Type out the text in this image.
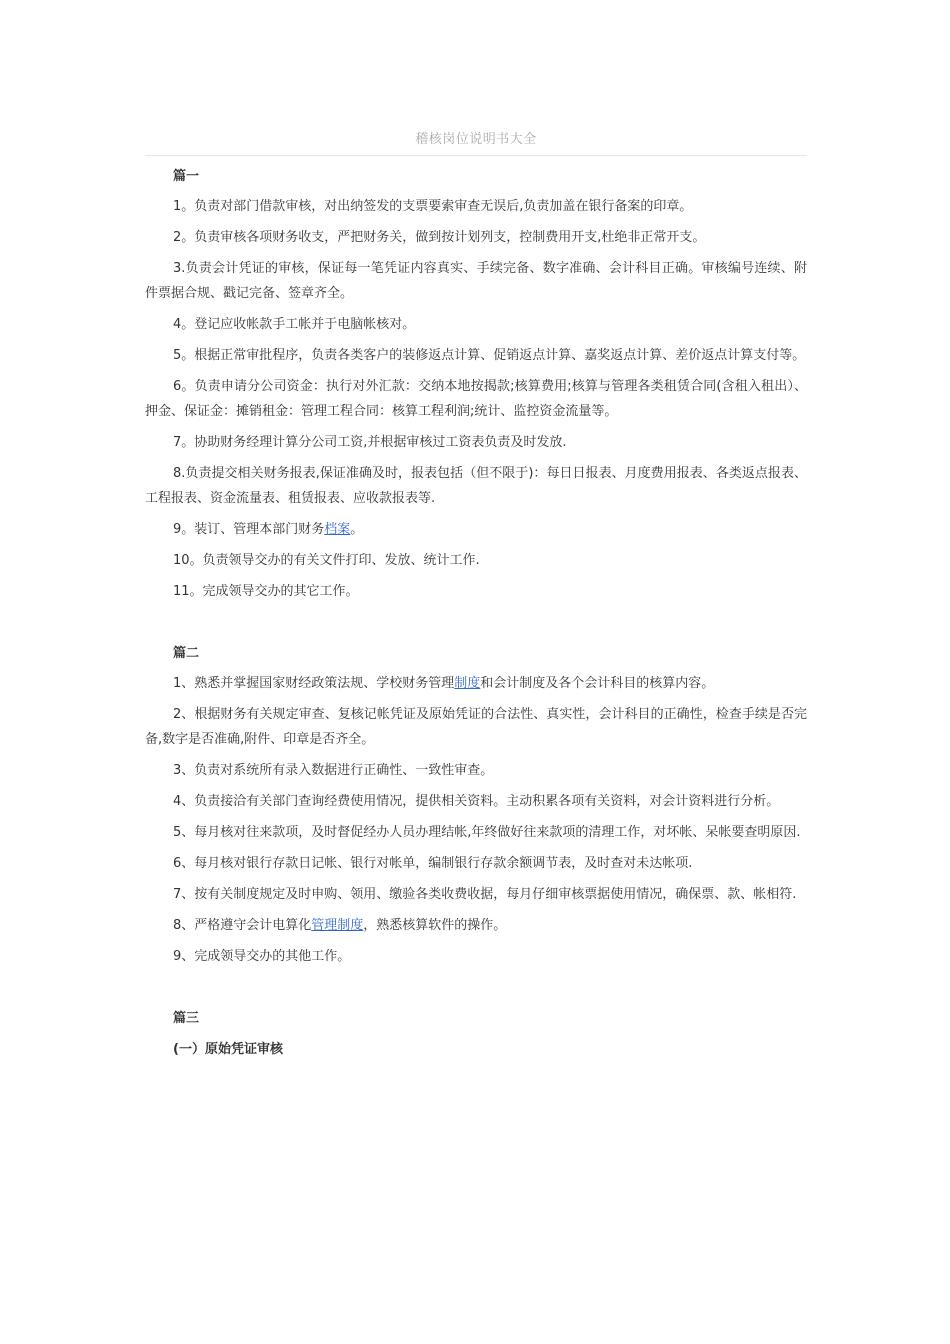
稽核岗位说明书大全
篇一

1。负责对部门借款审核，对出纳签发的支票要索审查无误后,负责加盖在银行备案的印章。

2。负责审核各项财务收支，严把财务关，做到按计划列支，控制费用开支,杜绝非正常开支。

3.负责会计凭证的审核，保证每一笔凭证内容真实、手续完备、数字准确、会计科目正确。审核编号连续、附件票据合规、戳记完备、签章齐全。

4。登记应收帐款手工帐并于电脑帐核对。

5。根据正常审批程序，负责各类客户的装修返点计算、促销返点计算、嘉奖返点计算、差价返点计算支付等。

6。负责申请分公司资金：执行对外汇款：交纳本地按揭款;核算费用;核算与管理各类租赁合同(含租入租出）、押金、保证金：摊销租金：管理工程合同：核算工程利润;统计、监控资金流量等。

7。协助财务经理计算分公司工资,并根据审核过工资表负责及时发放.

8.负责提交相关财务报表,保证准确及时，报表包括（但不限于)：每日日报表、月度费用报表、各类返点报表、工程报表、资金流量表、租赁报表、应收款报表等.

9。装订、管理本部门财务档案。

10。负责领导交办的有关文件打印、发放、统计工作.

11。完成领导交办的其它工作。

篇二

1、熟悉并掌握国家财经政策法规、学校财务管理制度和会计制度及各个会计科目的核算内容。

2、根据财务有关规定审查、复核记帐凭证及原始凭证的合法性、真实性，会计科目的正确性，检查手续是否完备,数字是否准确,附件、印章是否齐全。

3、负责对系统所有录入数据进行正确性、一致性审查。

4、负责接洽有关部门查询经费使用情况，提供相关资料。主动积累各项有关资料，对会计资料进行分析。

5、每月核对往来款项，及时督促经办人员办理结帐,年终做好往来款项的清理工作，对坏帐、呆帐要查明原因.

6、每月核对银行存款日记帐、银行对帐单，编制银行存款余额调节表，及时查对未达帐项.

7、按有关制度规定及时申购、领用、缴验各类收费收据，每月仔细审核票据使用情况，确保票、款、帐相符.

8、严格遵守会计电算化管理制度，熟悉核算软件的操作。

9、完成领导交办的其他工作。

篇三
(一）原始凭证审核
